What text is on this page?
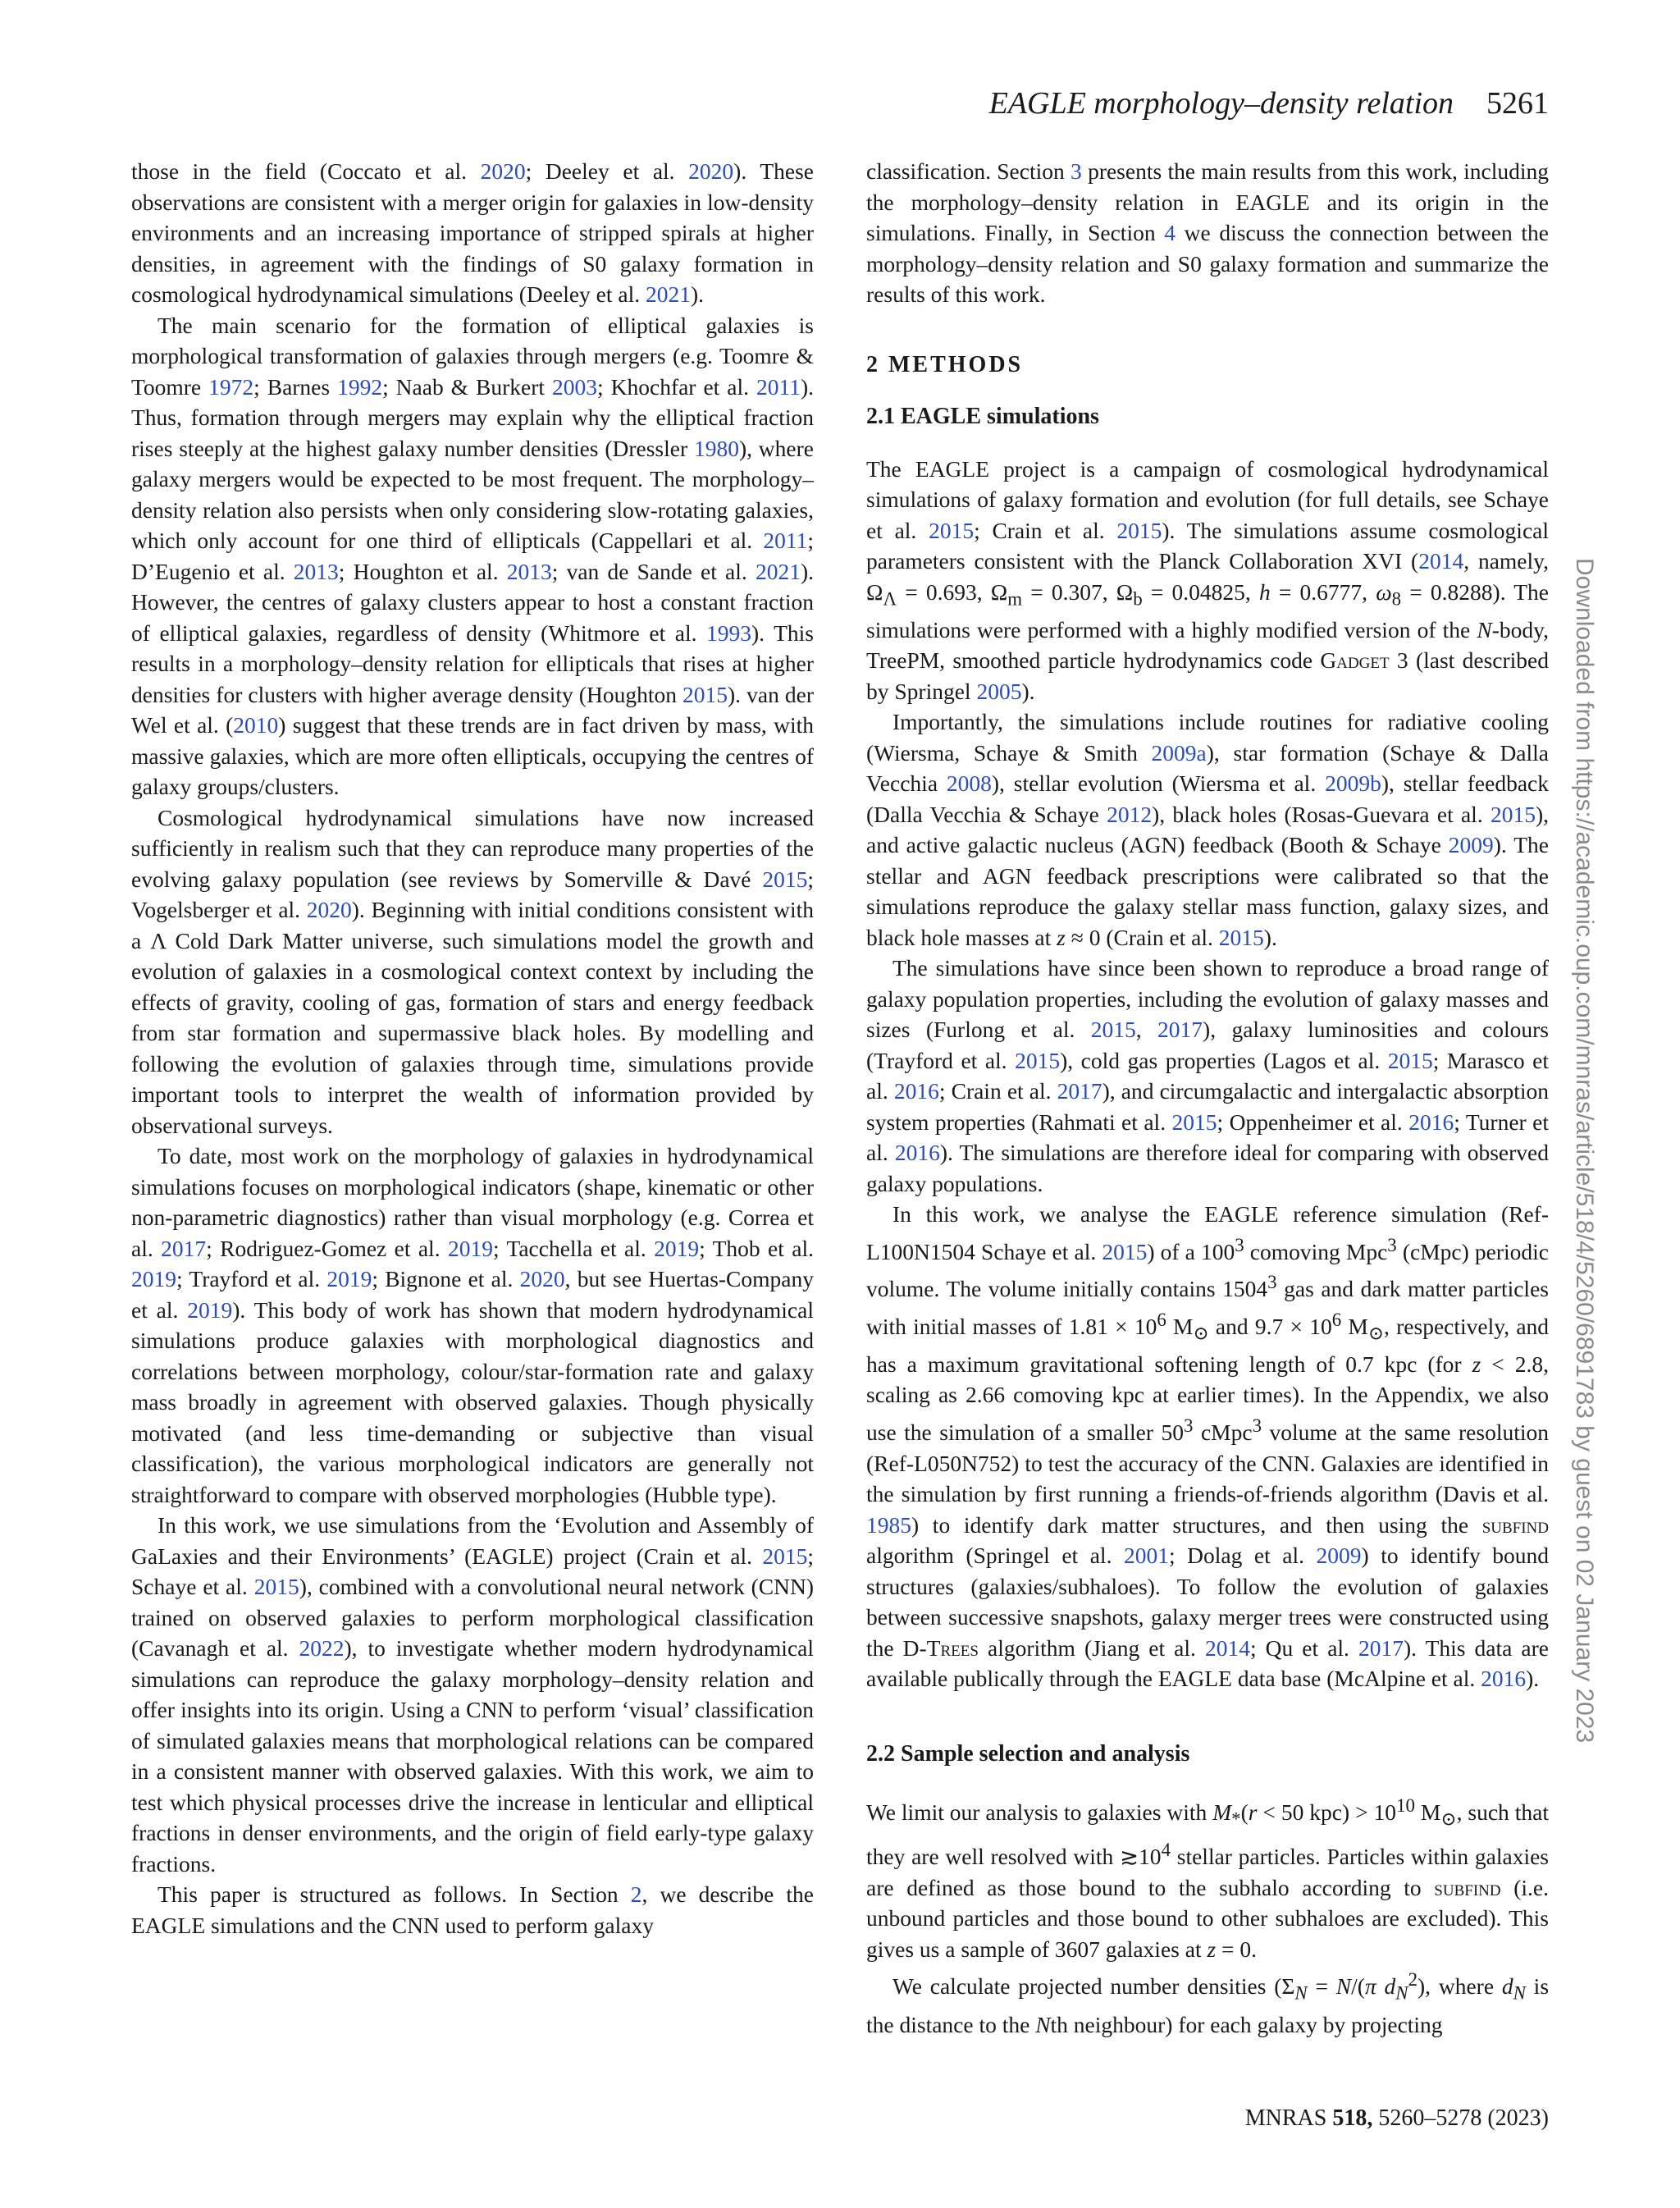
EAGLE morphology–density relation 5261

those in the field (Coccato et al. 2020; Deeley et al. 2020). These observations are consistent with a merger origin for galaxies in low-density environments and an increasing importance of stripped spirals at higher densities, in agreement with the findings of S0 galaxy formation in cosmological hydrodynamical simulations (Deeley et al. 2021).

The main scenario for the formation of elliptical galaxies is morphological transformation of galaxies through mergers (e.g. Toomre & Toomre 1972; Barnes 1992; Naab & Burkert 2003; Khochfar et al. 2011). Thus, formation through mergers may explain why the elliptical fraction rises steeply at the highest galaxy number densities (Dressler 1980), where galaxy mergers would be expected to be most frequent. The morphology–density relation also persists when only considering slow-rotating galaxies, which only account for one third of ellipticals (Cappellari et al. 2011; D’Eugenio et al. 2013; Houghton et al. 2013; van de Sande et al. 2021). However, the centres of galaxy clusters appear to host a constant fraction of elliptical galaxies, regardless of density (Whitmore et al. 1993). This results in a morphology–density relation for ellipticals that rises at higher densities for clusters with higher average density (Houghton 2015). van der Wel et al. (2010) suggest that these trends are in fact driven by mass, with massive galaxies, which are more often ellipticals, occupying the centres of galaxy groups/clusters.

Cosmological hydrodynamical simulations have now increased sufficiently in realism such that they can reproduce many properties of the evolving galaxy population (see reviews by Somerville & Davé 2015; Vogelsberger et al. 2020). Beginning with initial conditions consistent with a Λ Cold Dark Matter universe, such simulations model the growth and evolution of galaxies in a cosmological context context by including the effects of gravity, cooling of gas, formation of stars and energy feedback from star formation and supermassive black holes. By modelling and following the evolution of galaxies through time, simulations provide important tools to interpret the wealth of information provided by observational surveys.

To date, most work on the morphology of galaxies in hydrodynamical simulations focuses on morphological indicators (shape, kinematic or other non-parametric diagnostics) rather than visual morphology (e.g. Correa et al. 2017; Rodriguez-Gomez et al. 2019; Tacchella et al. 2019; Thob et al. 2019; Trayford et al. 2019; Bignone et al. 2020, but see Huertas-Company et al. 2019). This body of work has shown that modern hydrodynamical simulations produce galaxies with morphological diagnostics and correlations between morphology, colour/star-formation rate and galaxy mass broadly in agreement with observed galaxies. Though physically motivated (and less time-demanding or subjective than visual classification), the various morphological indicators are generally not straightforward to compare with observed morphologies (Hubble type).

In this work, we use simulations from the ‘Evolution and Assembly of GaLaxies and their Environments’ (EAGLE) project (Crain et al. 2015; Schaye et al. 2015), combined with a convolutional neural network (CNN) trained on observed galaxies to perform morphological classification (Cavanagh et al. 2022), to investigate whether modern hydrodynamical simulations can reproduce the galaxy morphology–density relation and offer insights into its origin. Using a CNN to perform ‘visual’ classification of simulated galaxies means that morphological relations can be compared in a consistent manner with observed galaxies. With this work, we aim to test which physical processes drive the increase in lenticular and elliptical fractions in denser environments, and the origin of field early-type galaxy fractions.

This paper is structured as follows. In Section 2, we describe the EAGLE simulations and the CNN used to perform galaxy

classification. Section 3 presents the main results from this work, including the morphology–density relation in EAGLE and its origin in the simulations. Finally, in Section 4 we discuss the connection between the morphology–density relation and S0 galaxy formation and summarize the results of this work.

2 METHODS
2.1 EAGLE simulations

The EAGLE project is a campaign of cosmological hydrodynamical simulations of galaxy formation and evolution (for full details, see Schaye et al. 2015; Crain et al. 2015). The simulations assume cosmological parameters consistent with the Planck Collaboration XVI (2014, namely, $\Omega_\Lambda = 0.693$, $\Omega_m = 0.307$, $\Omega_b = 0.04825$, h = 0.6777, $\omega_8 = 0.8288$). The simulations were performed with a highly modified version of the N-body, TreePM, smoothed particle hydrodynamics code Gadget 3 (last described by Springel 2005).

Importantly, the simulations include routines for radiative cooling (Wiersma, Schaye & Smith 2009a), star formation (Schaye & Dalla Vecchia 2008), stellar evolution (Wiersma et al. 2009b), stellar feedback (Dalla Vecchia & Schaye 2012), black holes (Rosas-Guevara et al. 2015), and active galactic nucleus (AGN) feedback (Booth & Schaye 2009). The stellar and AGN feedback prescriptions were calibrated so that the simulations reproduce the galaxy stellar mass function, galaxy sizes, and black hole masses at z ≈ 0 (Crain et al. 2015).

The simulations have since been shown to reproduce a broad range of galaxy population properties, including the evolution of galaxy masses and sizes (Furlong et al. 2015, 2017), galaxy luminosities and colours (Trayford et al. 2015), cold gas properties (Lagos et al. 2015; Marasco et al. 2016; Crain et al. 2017), and circumgalactic and intergalactic absorption system properties (Rahmati et al. 2015; Oppenheimer et al. 2016; Turner et al. 2016). The simulations are therefore ideal for comparing with observed galaxy populations.

In this work, we analyse the EAGLE reference simulation (Ref-L100N1504 Schaye et al. 2015) of a $100^3$ comoving Mpc$^3$ (cMpc) periodic volume. The volume initially contains 1504$^3$ gas and dark matter particles with initial masses of $1.81 \times 10^6$ $M_⊙$ and $9.7 \times 10^6$ $M_⊙$, respectively, and has a maximum gravitational softening length of 0.7 kpc (for z < 2.8, scaling as 2.66 comoving kpc at earlier times). In the Appendix, we also use the simulation of a smaller $50^3$ cMpc$^3$ volume at the same resolution (Ref-L050N752) to test the accuracy of the CNN. Galaxies are identified in the simulation by first running a friends-of-friends algorithm (Davis et al. 1985) to identify dark matter structures, and then using the subfind algorithm (Springel et al. 2001; Dolag et al. 2009) to identify bound structures (galaxies/subhaloes). To follow the evolution of galaxies between successive snapshots, galaxy merger trees were constructed using the D-Trees algorithm (Jiang et al. 2014; Qu et al. 2017). This data are available publically through the EAGLE data base (McAlpine et al. 2016).

2.2 Sample selection and analysis

We limit our analysis to galaxies with $M_*(r < 50$ $kpc) > 10^{10}$ $M_⊙$, such that they are well resolved with $≳10^4$ stellar particles. Particles within galaxies are defined as those bound to the subhalo according to subfind (i.e. unbound particles and those bound to other subhaloes are excluded). This gives us a sample of 3607 galaxies at z = 0.

We calculate projected number densities ($\Sigma_N = N/(\pi$ $d_N^2$), where $d_N$ is the distance to the Nth neighbour) for each galaxy by projecting

Downloaded from https://academic.oup.com/mnras/article/518/4/5260/6891783 by guest on 02 January 2023
MNRAS 518, 5260–5278 (2023)
